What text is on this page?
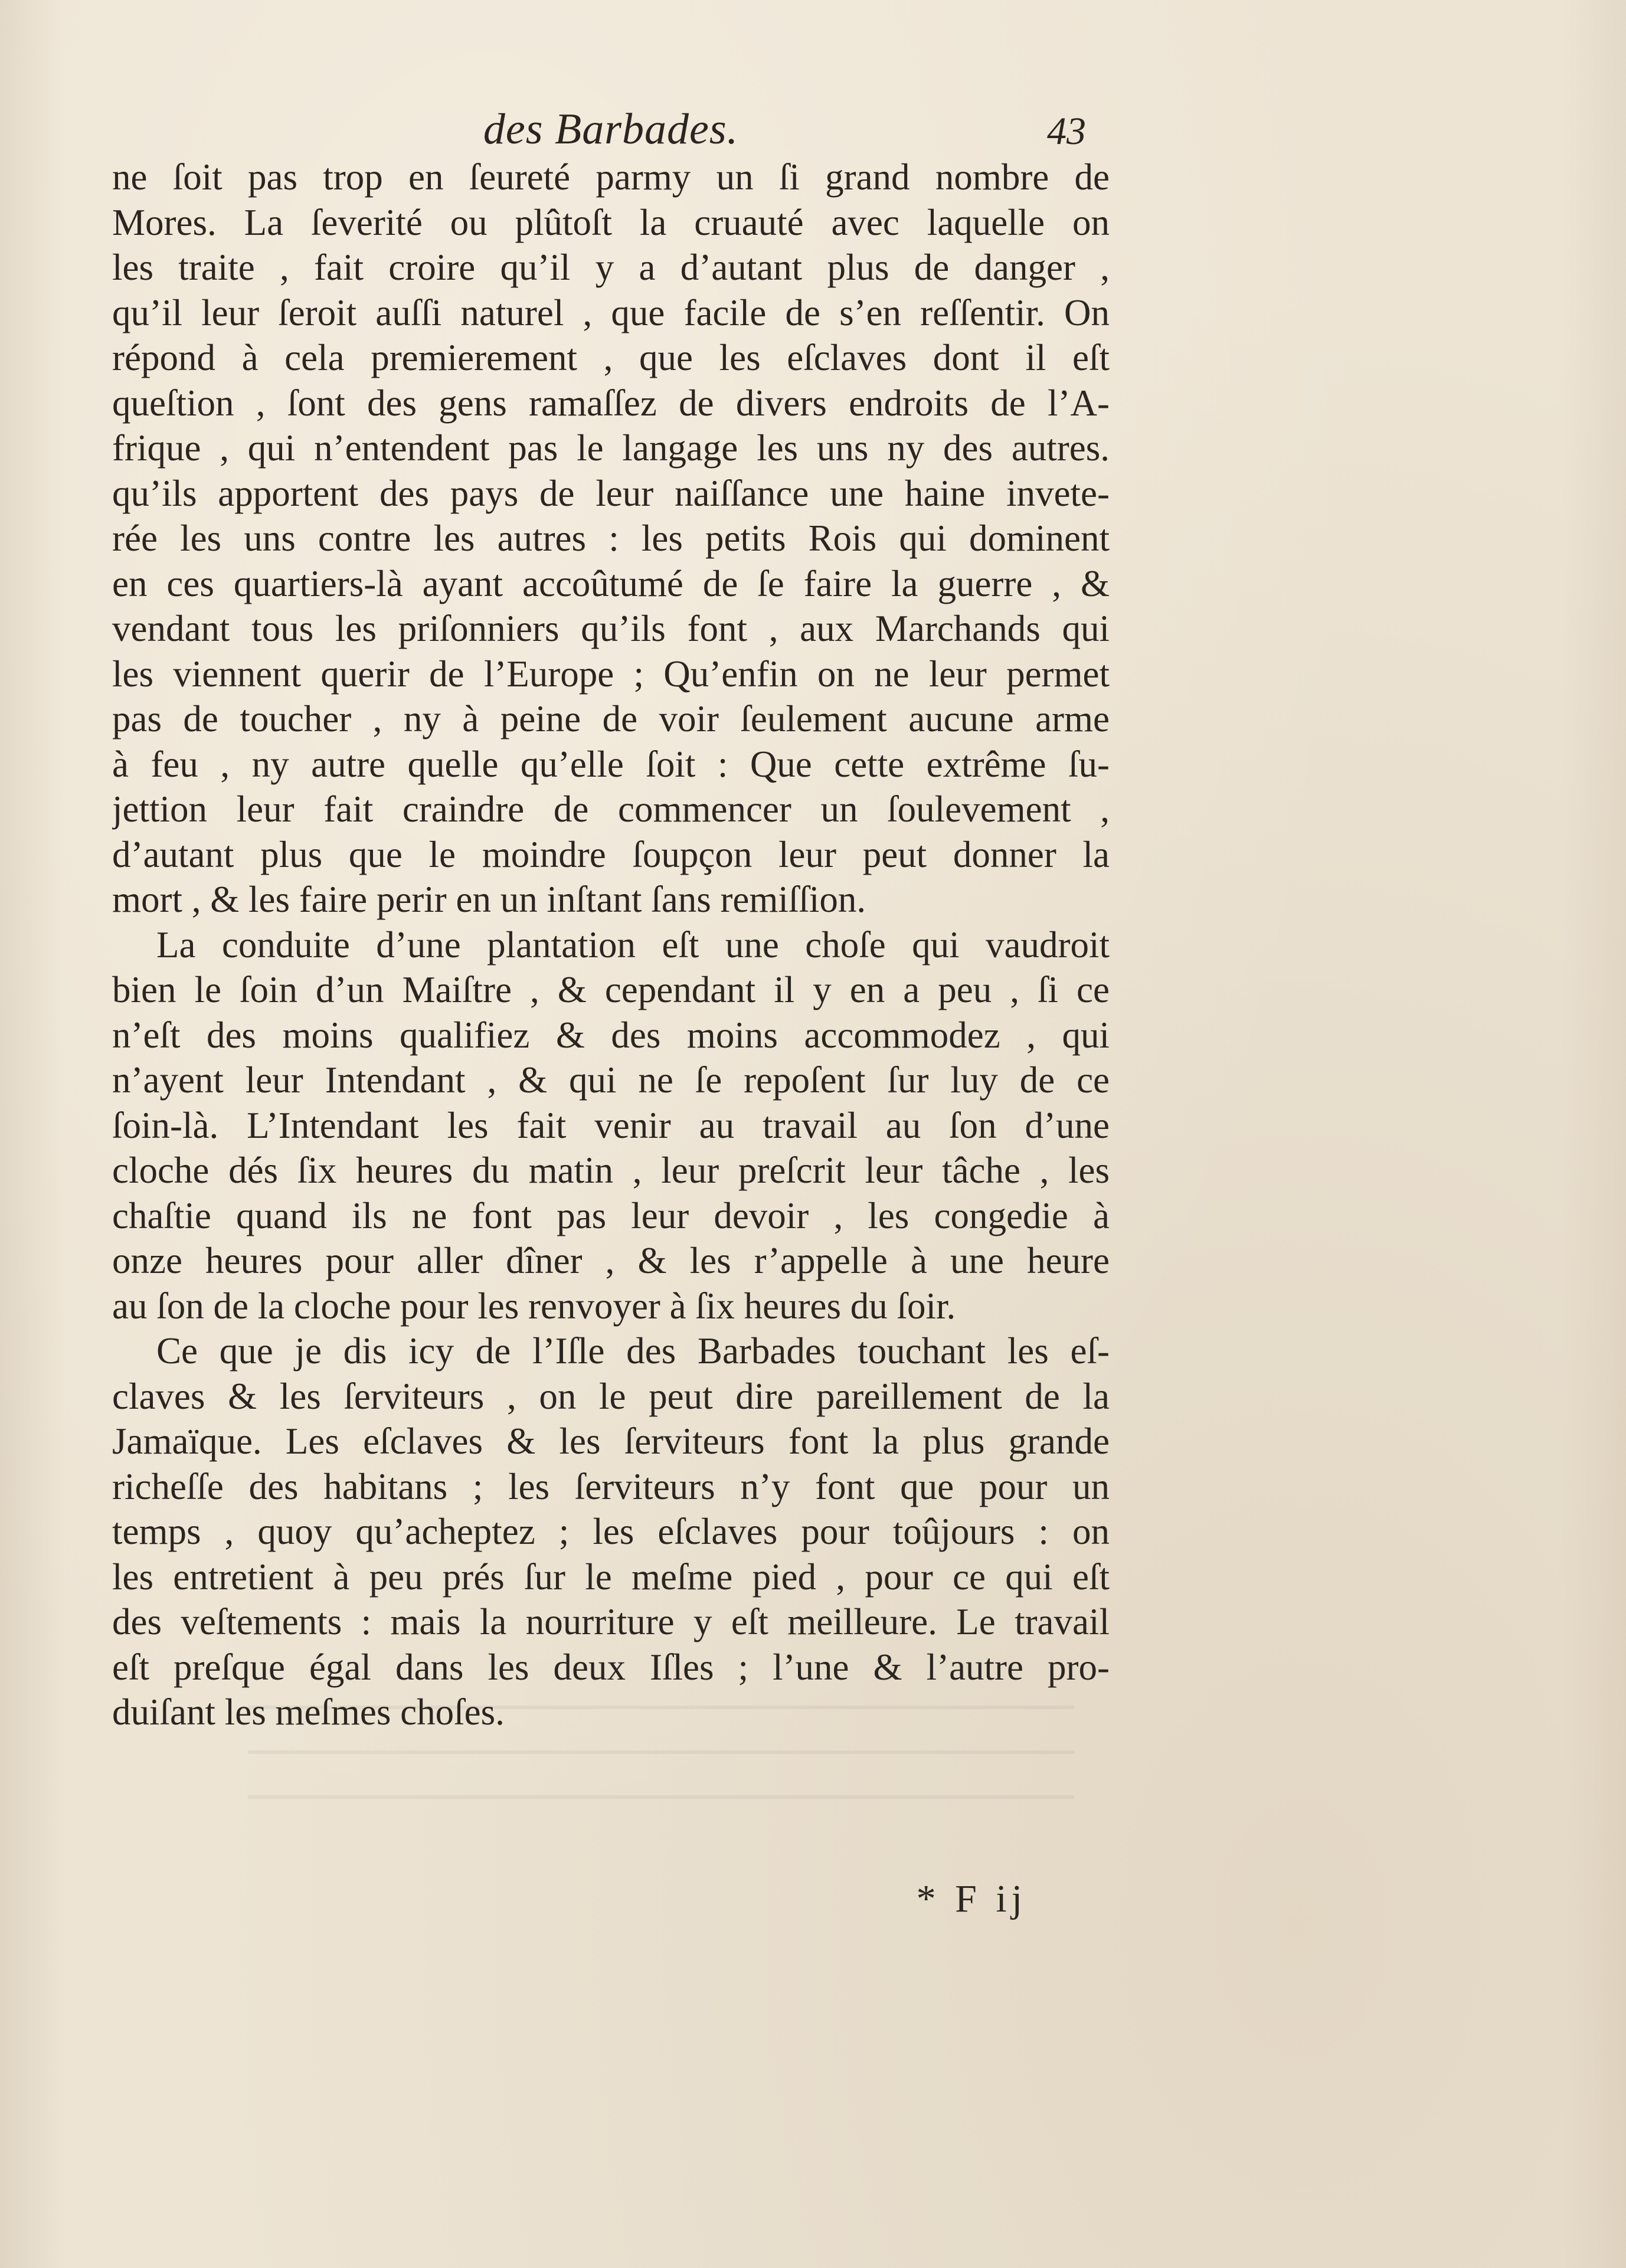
des Barbades.	43
ne ſoit pas trop en ſeureté parmy un ſi grand nombre de
Mores. La ſeverité ou plûtoſt la cruauté avec laquelle on
les traite , fait croire qu’il y a d’autant plus de danger ,
qu’il leur ſeroit auſſi naturel , que facile de s’en reſſentir. On
répond à cela premierement , que les eſclaves dont il eſt
queſtion , ſont des gens ramaſſez de divers endroits de l’A-
frique , qui n’entendent pas le langage les uns ny des autres.
qu’ils apportent des pays de leur naiſſance une haine invete-
rée les uns contre les autres : les petits Rois qui dominent
en ces quartiers-là ayant accoûtumé de ſe faire la guerre , &
vendant tous les priſonniers qu’ils font , aux Marchands qui
les viennent querir de l’Europe ; Qu’enfin on ne leur permet
pas de toucher , ny à peine de voir ſeulement aucune arme
à feu , ny autre quelle qu’elle ſoit : Que cette extrême ſu-
jettion leur fait craindre de commencer un ſoulevement ,
d’autant plus que le moindre ſoupçon leur peut donner la
mort , & les faire perir en un inſtant ſans remiſſion.
La conduite d’une plantation eſt une choſe qui vaudroit
bien le ſoin d’un Maiſtre , & cependant il y en a peu , ſi ce
n’eſt des moins qualifiez & des moins accommodez , qui
n’ayent leur Intendant , & qui ne ſe repoſent ſur luy de ce
ſoin-là. L’Intendant les fait venir au travail au ſon d’une
cloche dés ſix heures du matin , leur preſcrit leur tâche , les
chaſtie quand ils ne font pas leur devoir , les congedie à
onze heures pour aller dîner , & les r’appelle à une heure
au ſon de la cloche pour les renvoyer à ſix heures du ſoir.
Ce que je dis icy de l’Iſle des Barbades touchant les eſ-
claves & les ſerviteurs , on le peut dire pareillement de la
Jamaïque. Les eſclaves & les ſerviteurs font la plus grande
richeſſe des habitans ; les ſerviteurs n’y font que pour un
temps , quoy qu’acheptez ; les eſclaves pour toûjours : on
les entretient à peu prés ſur le meſme pied , pour ce qui eſt
des veſtements : mais la nourriture y eſt meilleure. Le travail
eſt preſque égal dans les deux Iſles ; l’une & l’autre pro-
duiſant les meſmes choſes.
* F ij
